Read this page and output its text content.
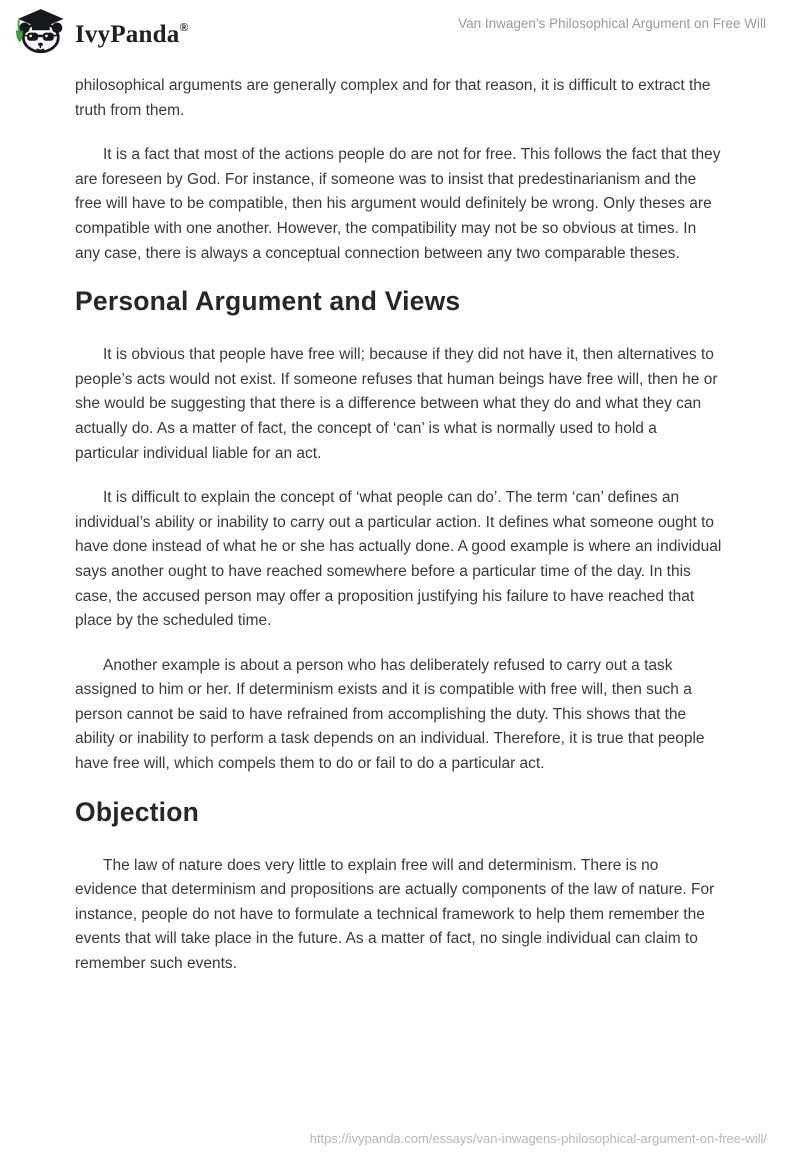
IvyPanda®	Van Inwagen’s Philosophical Argument on Free Will

philosophical arguments are generally complex and for that reason, it is difficult to extract the truth from them.

It is a fact that most of the actions people do are not for free. This follows the fact that they are foreseen by God. For instance, if someone was to insist that predestinarianism and the free will have to be compatible, then his argument would definitely be wrong. Only theses are compatible with one another. However, the compatibility may not be so obvious at times. In any case, there is always a conceptual connection between any two comparable theses.

Personal Argument and Views

It is obvious that people have free will; because if they did not have it, then alternatives to people’s acts would not exist. If someone refuses that human beings have free will, then he or she would be suggesting that there is a difference between what they do and what they can actually do. As a matter of fact, the concept of ‘can’ is what is normally used to hold a particular individual liable for an act.

It is difficult to explain the concept of ‘what people can do’. The term ‘can’ defines an individual’s ability or inability to carry out a particular action. It defines what someone ought to have done instead of what he or she has actually done. A good example is where an individual says another ought to have reached somewhere before a particular time of the day. In this case, the accused person may offer a proposition justifying his failure to have reached that place by the scheduled time.

Another example is about a person who has deliberately refused to carry out a task assigned to him or her. If determinism exists and it is compatible with free will, then such a person cannot be said to have refrained from accomplishing the duty. This shows that the ability or inability to perform a task depends on an individual. Therefore, it is true that people have free will, which compels them to do or fail to do a particular act.

Objection

The law of nature does very little to explain free will and determinism. There is no evidence that determinism and propositions are actually components of the law of nature. For instance, people do not have to formulate a technical framework to help them remember the events that will take place in the future. As a matter of fact, no single individual can claim to remember such events.

https://ivypanda.com/essays/van-inwagens-philosophical-argument-on-free-will/
